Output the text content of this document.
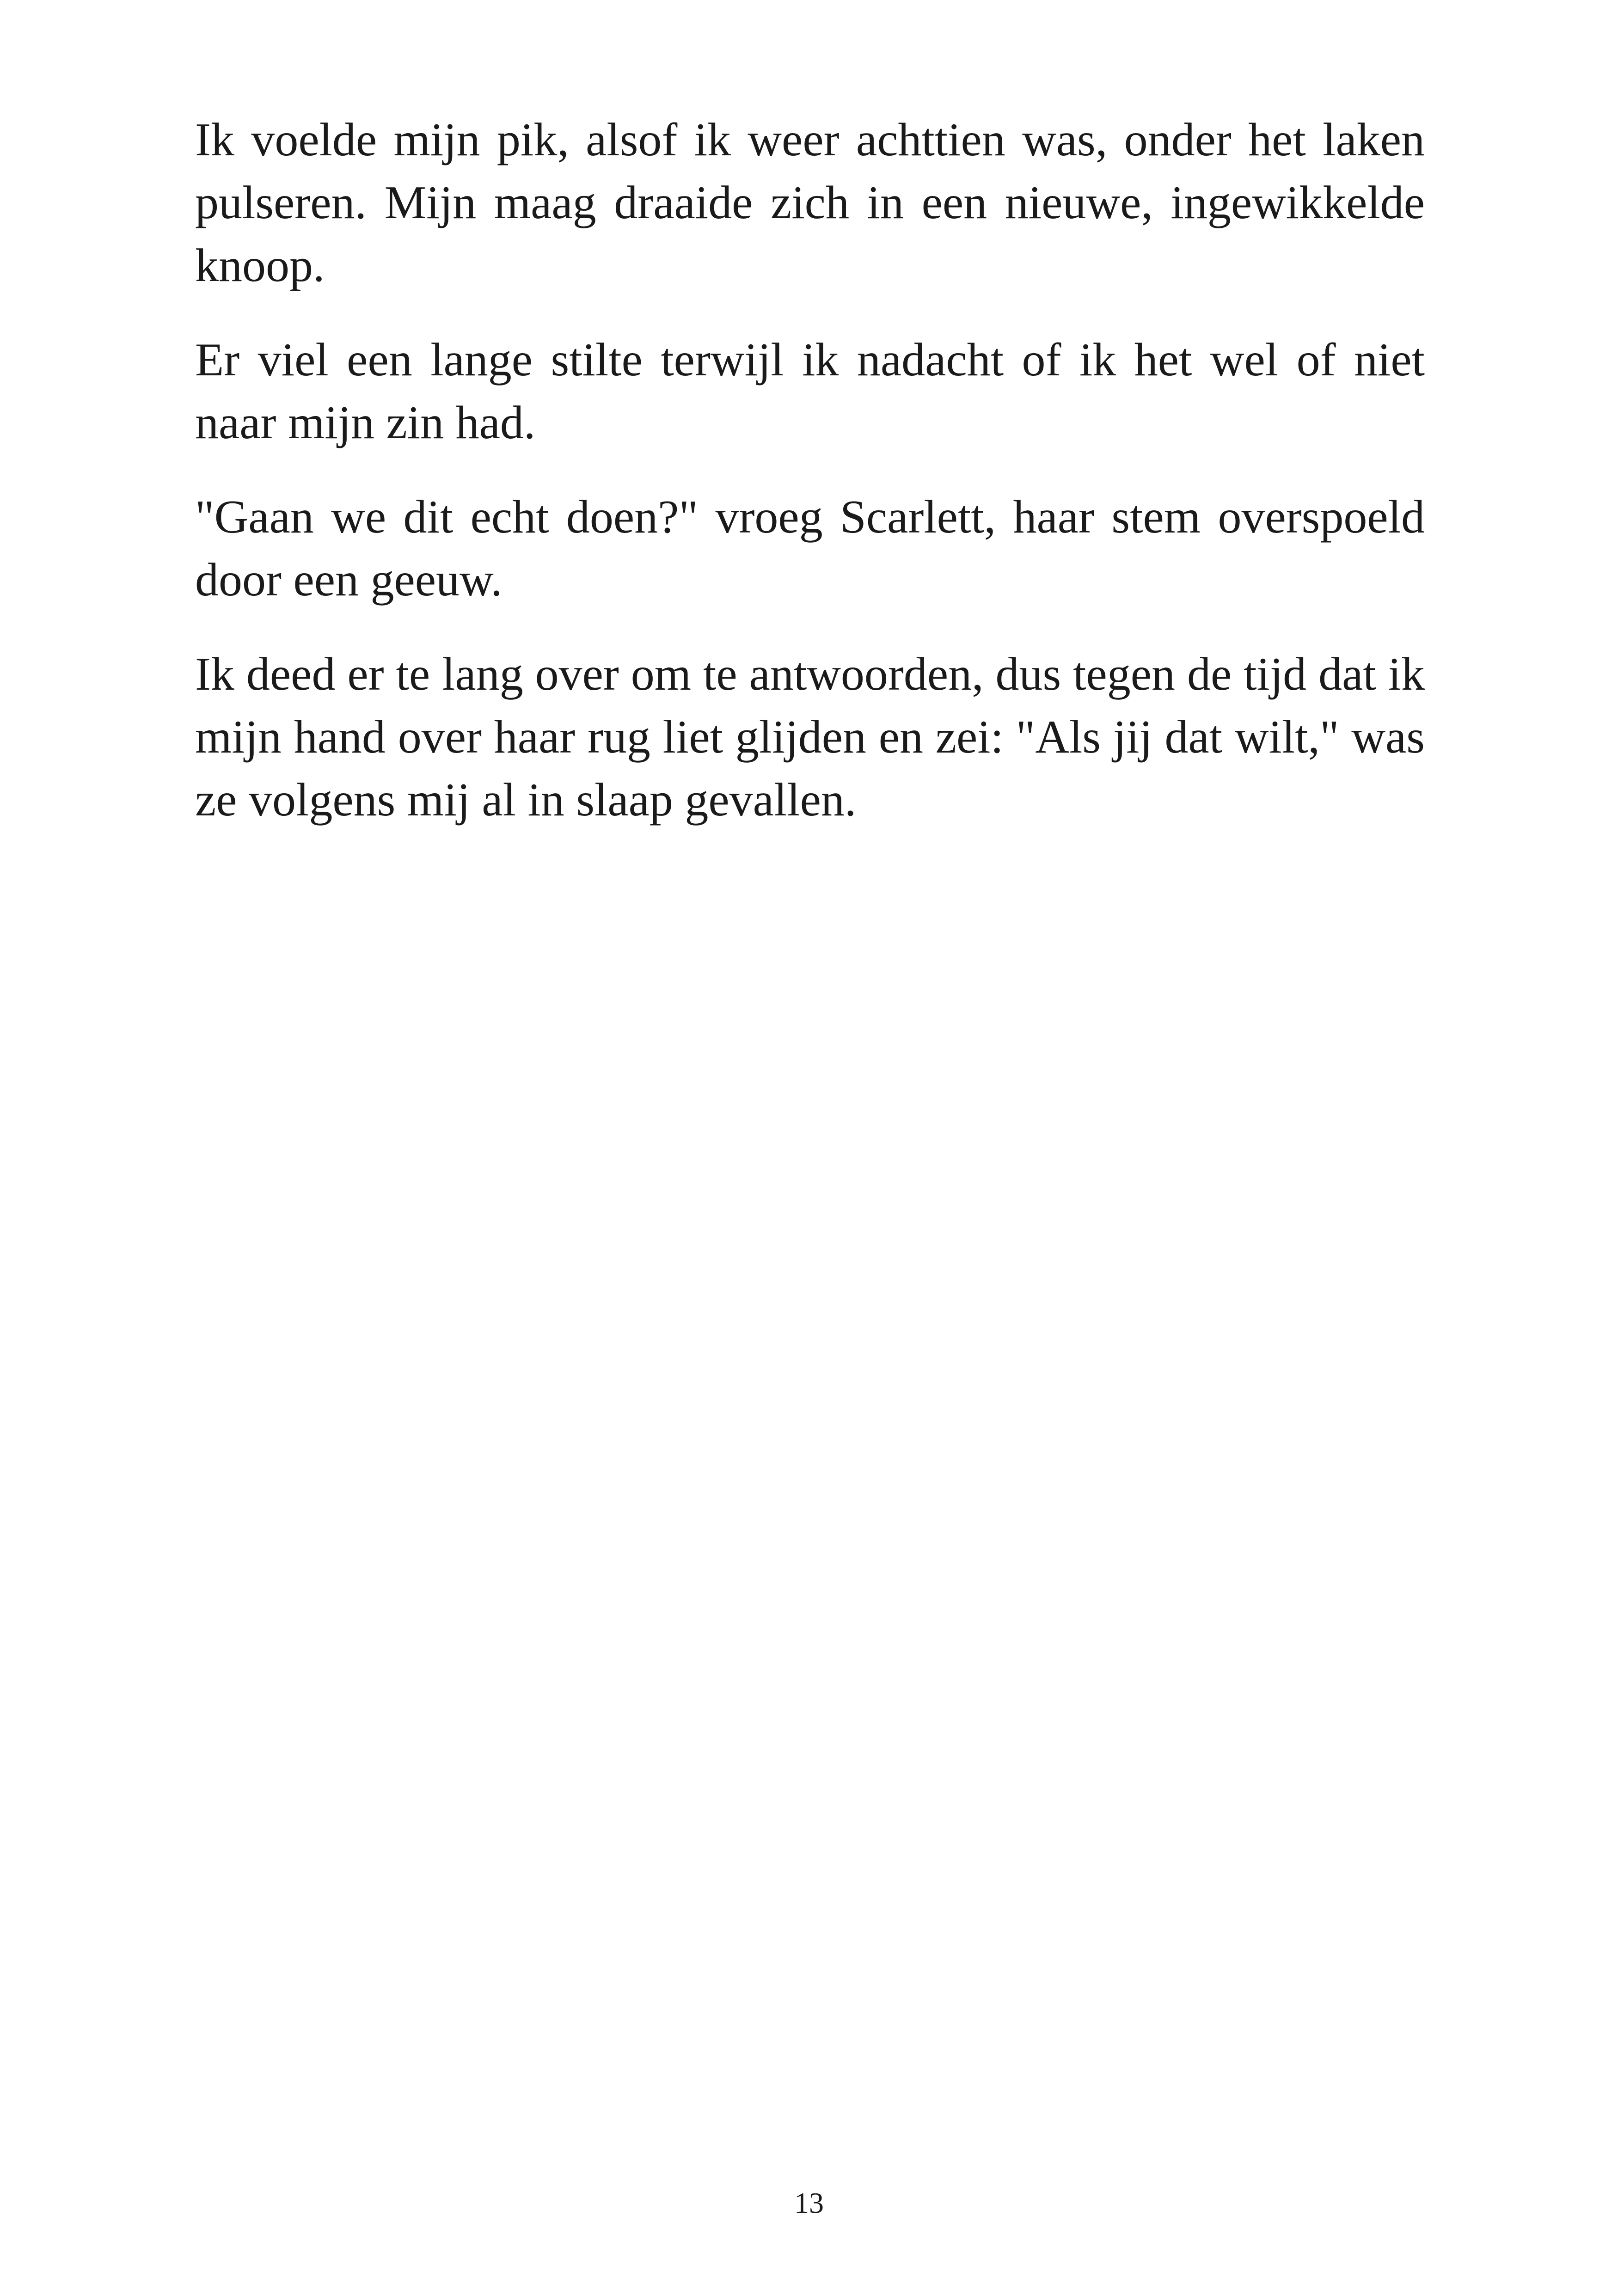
Ik voelde mijn pik, alsof ik weer achttien was, onder het laken pulseren. Mijn maag draaide zich in een nieuwe, ingewikkelde knoop.

Er viel een lange stilte terwijl ik nadacht of ik het wel of niet naar mijn zin had.

"Gaan we dit echt doen?" vroeg Scarlett, haar stem overspoeld door een geeuw.

Ik deed er te lang over om te antwoorden, dus tegen de tijd dat ik mijn hand over haar rug liet glijden en zei: "Als jij dat wilt," was ze volgens mij al in slaap gevallen.

13
